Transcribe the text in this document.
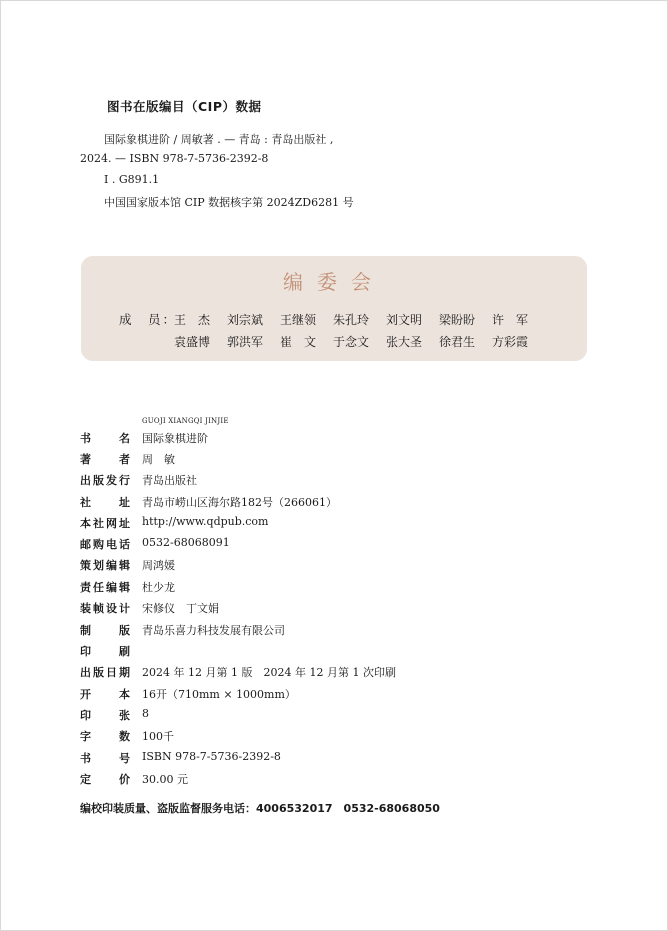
图书在版编目（CIP）数据
国际象棋进阶 / 周敏著 . — 青岛 : 青岛出版社 ,
2024. — ISBN 978-7-5736-2392-8
Ⅰ . G891.1
中国国家版本馆 CIP 数据核字第 2024ZD6281 号
编委会
成　员：
王　杰	刘宗斌	王继领	朱孔玲	刘文明	梁盼盼	许　军
袁盛博	郭洪军	崔　文	于念文	张大圣	徐君生	方彩霞
GUOJI XIANGQI JINJIE
书名 国际象棋进阶
著者 周　敏
出版发行 青岛出版社
社址 青岛市崂山区海尔路182号（266061）
本社网址 http://www.qdpub.com
邮购电话 0532-68068091
策划编辑 周鸿媛
责任编辑 杜少龙
装帧设计 宋修仪　丁文娟
制版 青岛乐喜力科技发展有限公司
印刷
出版日期 2024 年 12 月第 1 版　2024 年 12 月第 1 次印刷
开本 16开（710mm × 1000mm）
印张 8
字数 100千
书号 ISBN 978-7-5736-2392-8
定价 30.00 元
编校印装质量、盗版监督服务电话：4006532017　0532-68068050
